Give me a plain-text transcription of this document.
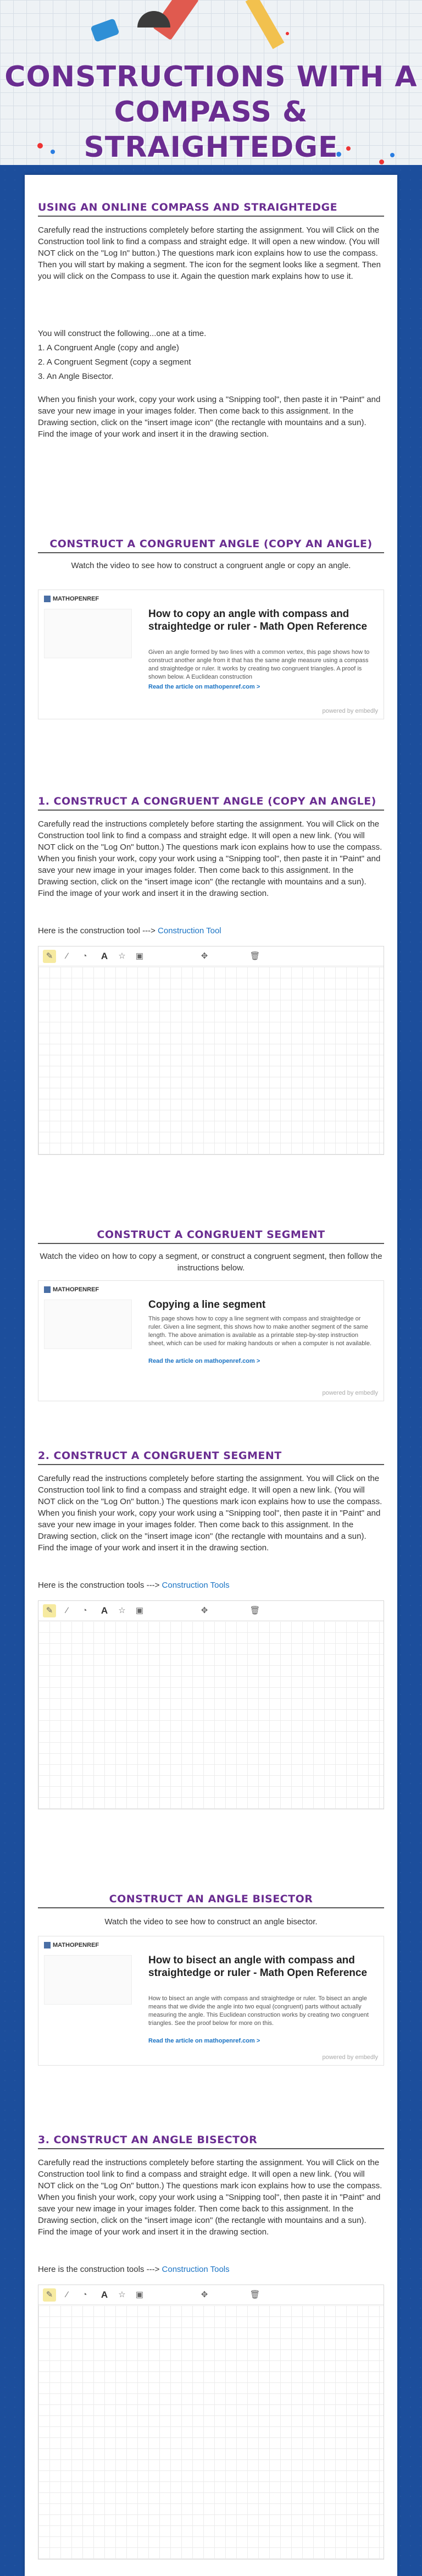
CONSTRUCTIONS WITH A COMPASS & STRAIGHTEDGE
USING AN ONLINE COMPASS AND STRAIGHTEDGE
Carefully read the instructions completely before starting the assignment. You will Click on the Construction tool link to find a compass and straight edge. It will open a new window. (You will NOT click on the "Log In" button.) The questions mark icon explains how to use the compass. Then you will start by making a segment. The icon for the segment looks like a segment. Then you will click on the Compass to use it. Again the question mark explains how to use it.
You will construct the following...one at a time.
1. A Congruent Angle (copy and angle)
2. A Congruent Segment (copy a segment
3. An Angle Bisector.
When you finish your work, copy your work using a "Snipping tool", then paste it in "Paint" and save your new image in your images folder. Then come back to this assignment. In the Drawing section, click on the "insert image icon" (the rectangle with mountains and a sun). Find the image of your work and insert it in the drawing section.
CONSTRUCT A CONGRUENT ANGLE (COPY AN ANGLE)
Watch the video to see how to construct a congruent angle or copy an angle.
MATHOPENREF
How to copy an angle with compass and straightedge or ruler - Math Open Reference
Given an angle formed by two lines with a common vertex, this page shows how to construct another angle from it that has the same angle measure using a compass and straightedge or ruler. It works by creating two congruent triangles. A proof is shown below. A Euclidean construction
Read the article on mathopenref.com >
powered by embedly
1. CONSTRUCT A CONGRUENT ANGLE (COPY AN ANGLE)
Carefully read the instructions completely before starting the assignment. You will Click on the Construction tool link to find a compass and straight edge. It will open a new link. (You will NOT click on the "Log On" button.) The questions mark icon explains how to use the compass. When you finish your work, copy your work using a "Snipping tool", then paste it in "Paint" and save your new image in your images folder. Then come back to this assignment. In the Drawing section, click on the "insert image icon" (the rectangle with mountains and a sun). Find the image of your work and insert it in the drawing section.
Here is the construction tool ---> Construction Tool
✎	∕	◔	A	☆	▣	✥	🗑
CONSTRUCT A CONGRUENT SEGMENT
Watch the video on how to copy a segment, or construct a congruent segment, then follow the instructions below.
MATHOPENREF
Copying a line segment
This page shows how to copy a line segment with compass and straightedge or ruler. Given a line segment, this shows how to make another segment of the same length. The above animation is available as a printable step-by-step instruction sheet, which can be used for making handouts or when a computer is not available.
Read the article on mathopenref.com >
powered by embedly
2. CONSTRUCT A CONGRUENT SEGMENT
Carefully read the instructions completely before starting the assignment. You will Click on the Construction tool link to find a compass and straight edge. It will open a new link. (You will NOT click on the "Log On" button.) The questions mark icon explains how to use the compass. When you finish your work, copy your work using a "Snipping tool", then paste it in "Paint" and save your new image in your images folder. Then come back to this assignment. In the Drawing section, click on the "insert image icon" (the rectangle with mountains and a sun). Find the image of your work and insert it in the drawing section.
Here is the construction tools ---> Construction Tools
✎	∕	◔	A	☆	▣	✥	🗑
CONSTRUCT AN ANGLE BISECTOR
Watch the video to see how to construct an angle bisector.
MATHOPENREF
How to bisect an angle with compass and straightedge or ruler - Math Open Reference
How to bisect an angle with compass and straightedge or ruler. To bisect an angle means that we divide the angle into two equal (congruent) parts without actually measuring the angle. This Euclidean construction works by creating two congruent triangles. See the proof below for more on this.
Read the article on mathopenref.com >
powered by embedly
3. CONSTRUCT AN ANGLE BISECTOR
Carefully read the instructions completely before starting the assignment. You will Click on the Construction tool link to find a compass and straight edge. It will open a new link. (You will NOT click on the "Log On" button.) The questions mark icon explains how to use the compass. When you finish your work, copy your work using a "Snipping tool", then paste it in "Paint" and save your new image in your images folder. Then come back to this assignment. In the Drawing section, click on the "insert image icon" (the rectangle with mountains and a sun). Find the image of your work and insert it in the drawing section.
Here is the construction tools ---> Construction Tools
✎	∕	◔	A	☆	▣	✥	🗑
